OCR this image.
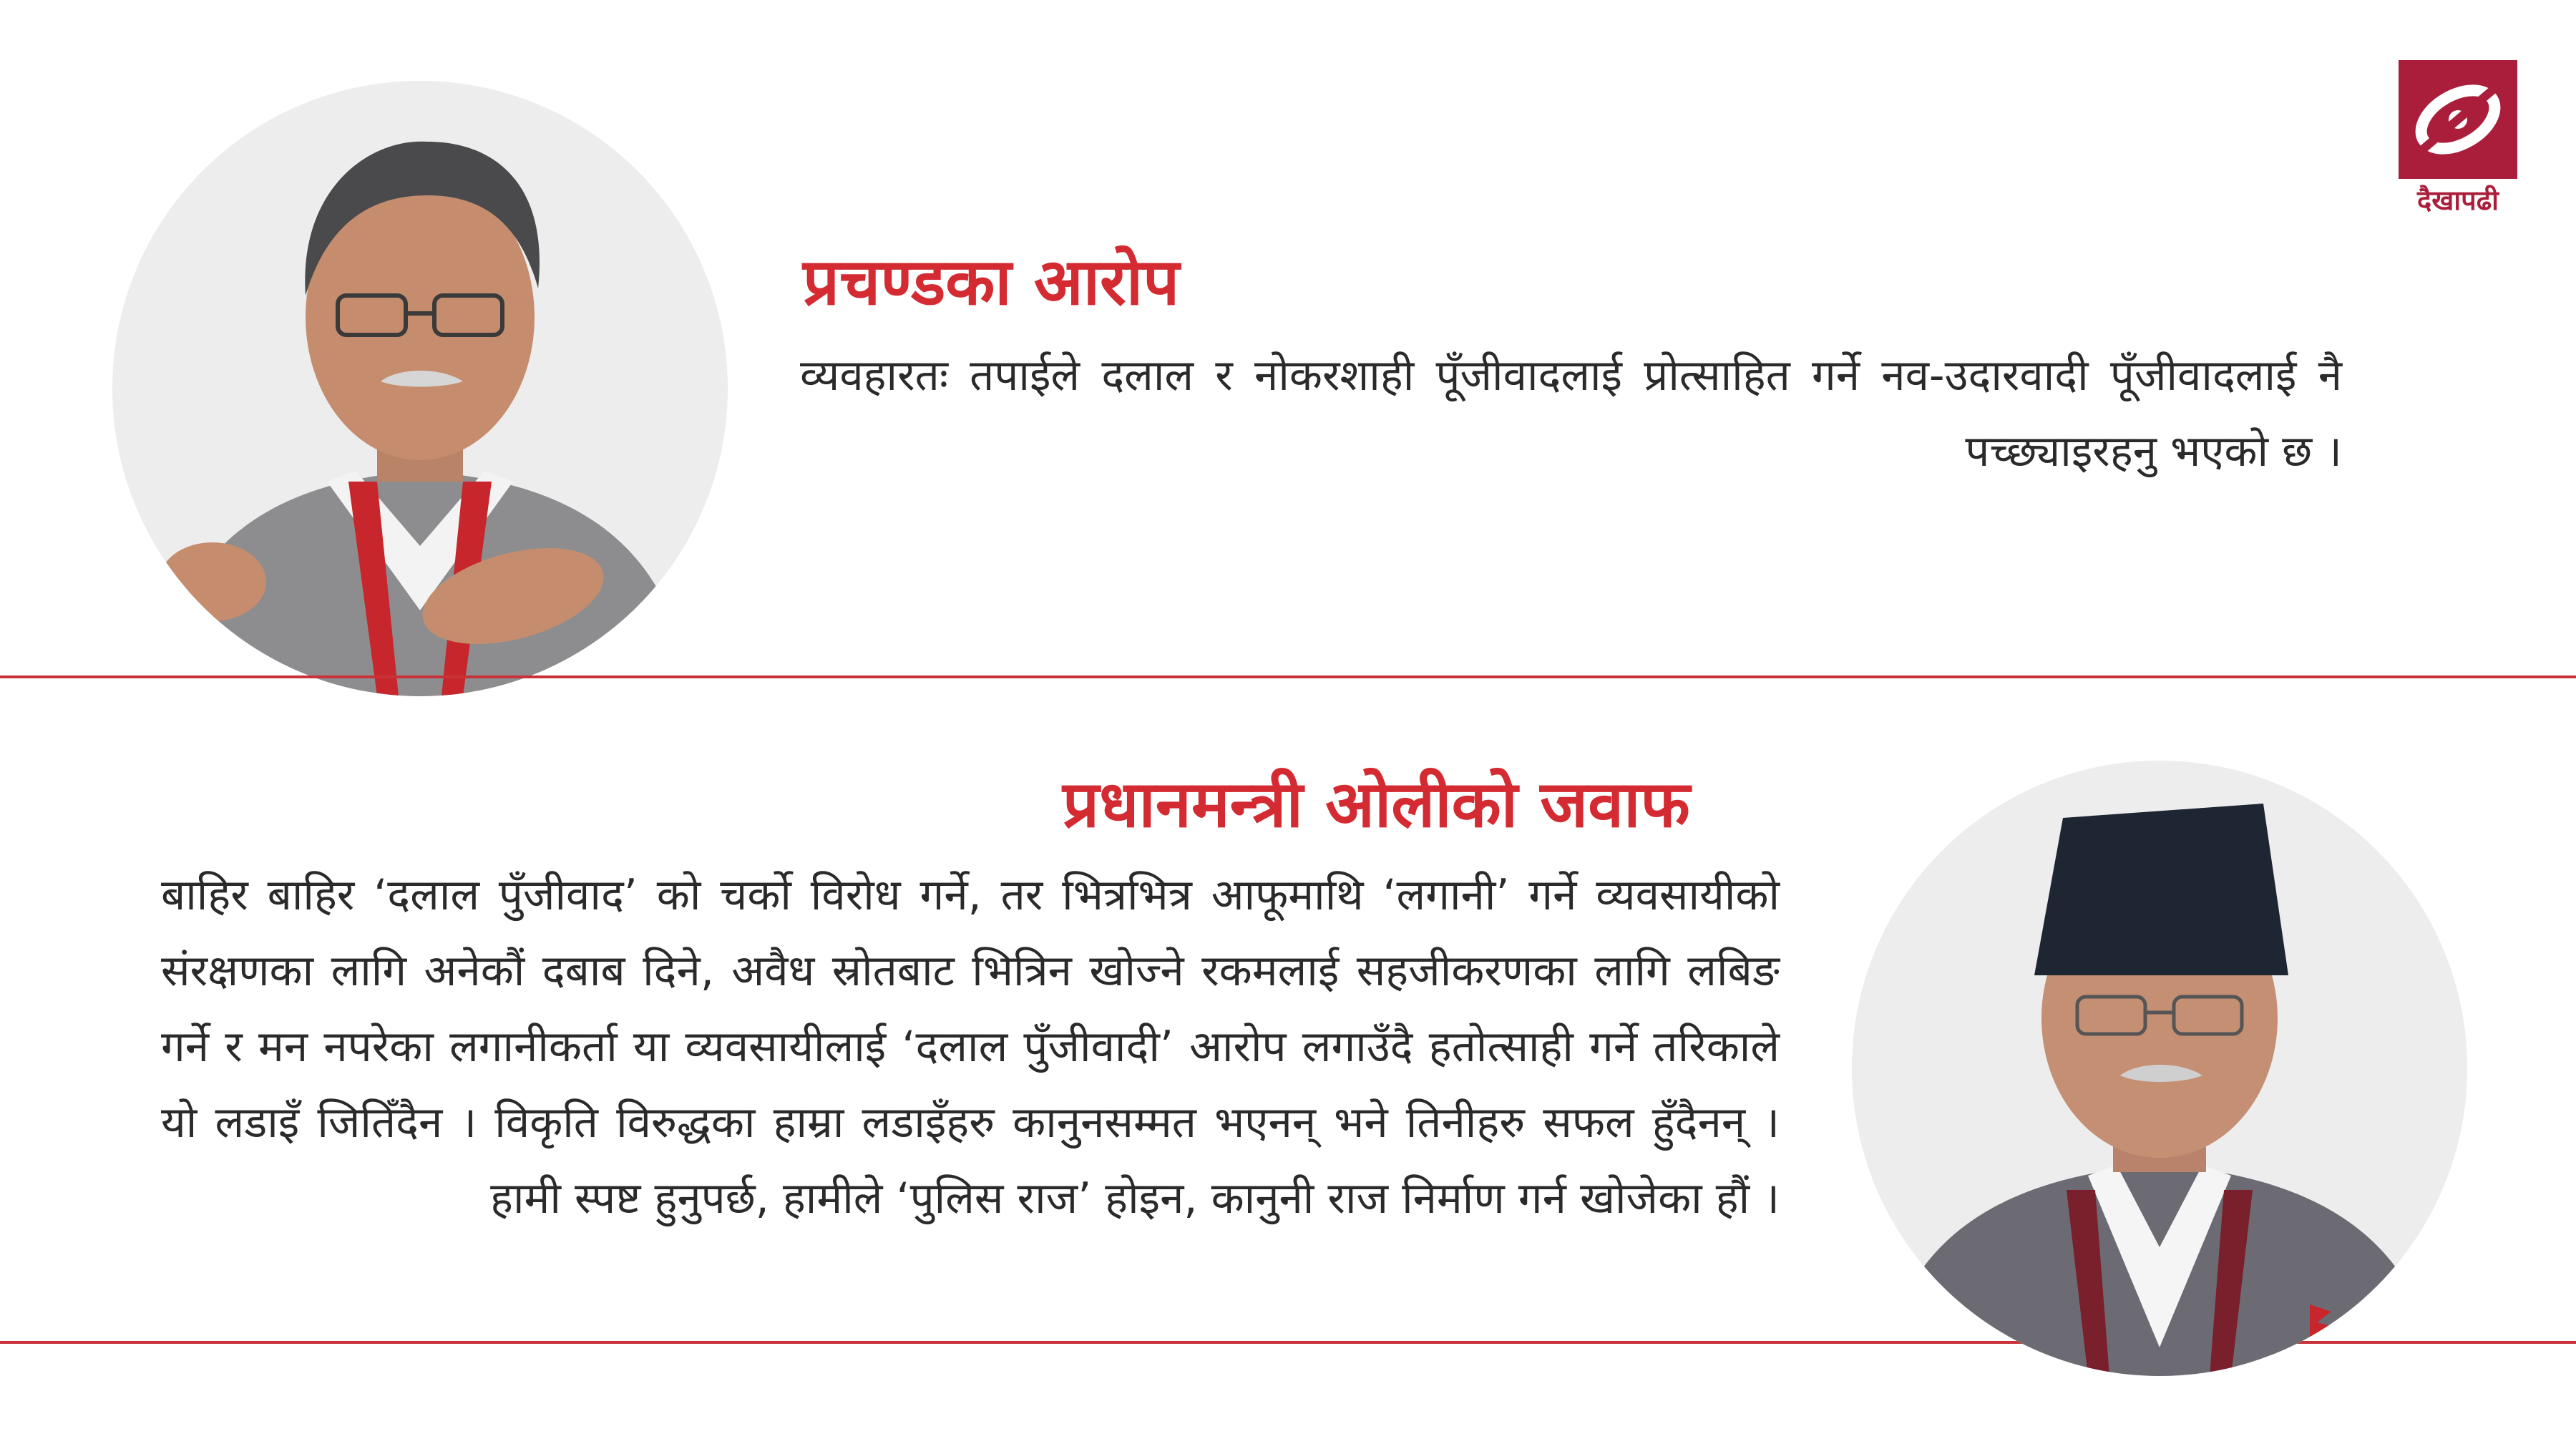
दैखापढी
प्रचण्डका आरोप
व्यवहारतः तपाईले दलाल र नोकरशाही पूँजीवादलाई प्रोत्साहित गर्ने नव-उदारवादी पूँजीवादलाई नै पच्छ्याइरहनु भएको छ ।
प्रधानमन्त्री ओलीको जवाफ
बाहिर बाहिर ‘दलाल पुँजीवाद’ को चर्को विरोध गर्ने, तर भित्रभित्र आफूमाथि ‘लगानी’ गर्ने व्यवसायीको संरक्षणका लागि अनेकौं दबाब दिने, अवैध स्रोतबाट भित्रिन खोज्ने रकमलाई सहजीकरणका लागि लबिङ गर्ने र मन नपरेका लगानीकर्ता या व्यवसायीलाई ‘दलाल पुँजीवादी’ आरोप लगाउँदै हतोत्साही गर्ने तरिकाले यो लडाइँ जितिँदैन । विकृति विरुद्धका हाम्रा लडाइँहरु कानुनसम्मत भएनन् भने तिनीहरु सफल हुँदैनन् । हामी स्पष्ट हुनुपर्छ, हामीले ‘पुलिस राज’ होइन, कानुनी राज निर्माण गर्न खोजेका हौं ।
